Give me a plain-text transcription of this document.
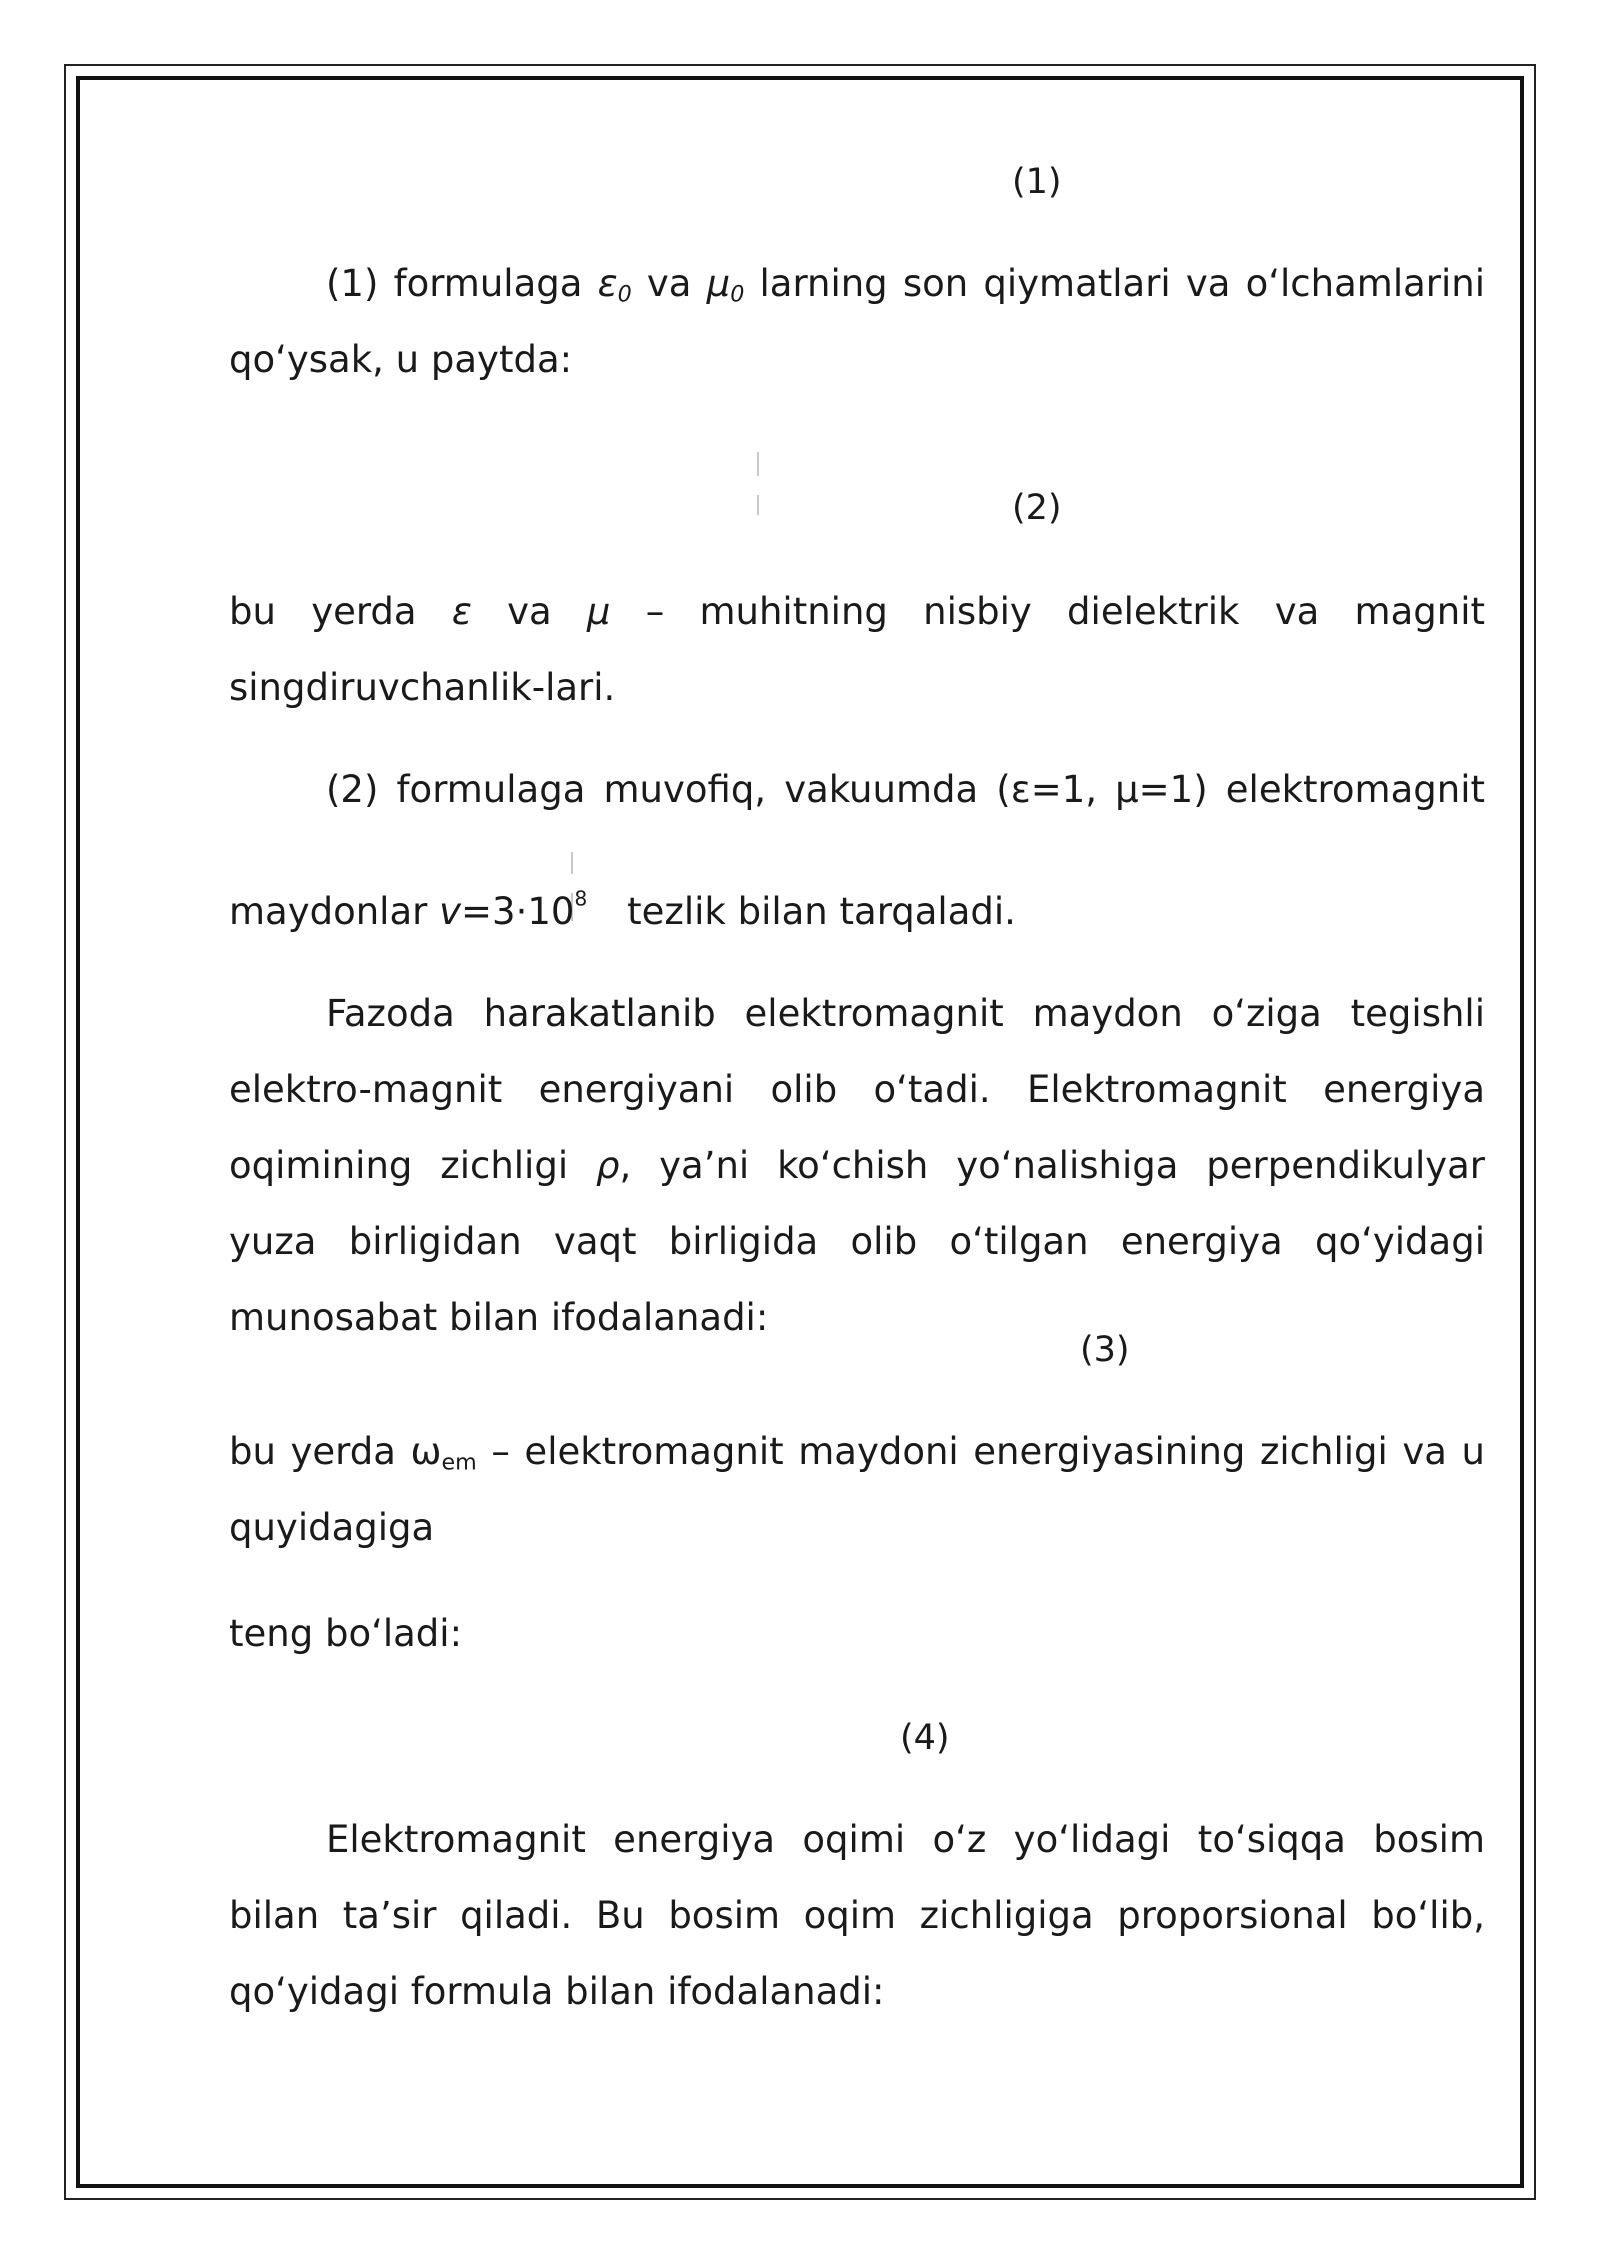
(1)
(1) formulaga $\varepsilon_0$ va $\mu_0$ larning son qiymatlari va o‘lchamlarini qo‘ysak, u paytda:
(2)
bu yerda ε va μ – muhitning nisbiy dielektrik va magnit singdiruvchanlik-lari.
(2) formulaga muvofiq, vakuumda (ε=1, μ=1) elektromagnit
maydonlar $v=3\cdot 10^8$ tezlik bilan tarqaladi.
Fazoda harakatlanib elektromagnit maydon o‘ziga tegishli elektro-magnit energiyani olib o‘tadi. Elektromagnit energiya oqimining zichligi ρ, ya’ni ko‘chish yo‘nalishiga perpendikulyar yuza birligidan vaqt birligida olib o‘tilgan energiya qo‘yidagi munosabat bilan ifodalanadi:
(3)
bu yerda $\omega_{em}$ – elektromagnit maydoni energiyasining zichligi va u quyidagiga
teng bo‘ladi:
(4)
Elektromagnit energiya oqimi o‘z yo‘lidagi to‘siqqa bosim bilan ta’sir qiladi. Bu bosim oqim zichligiga proporsional bo‘lib, qo‘yidagi formula bilan ifodalanadi:
